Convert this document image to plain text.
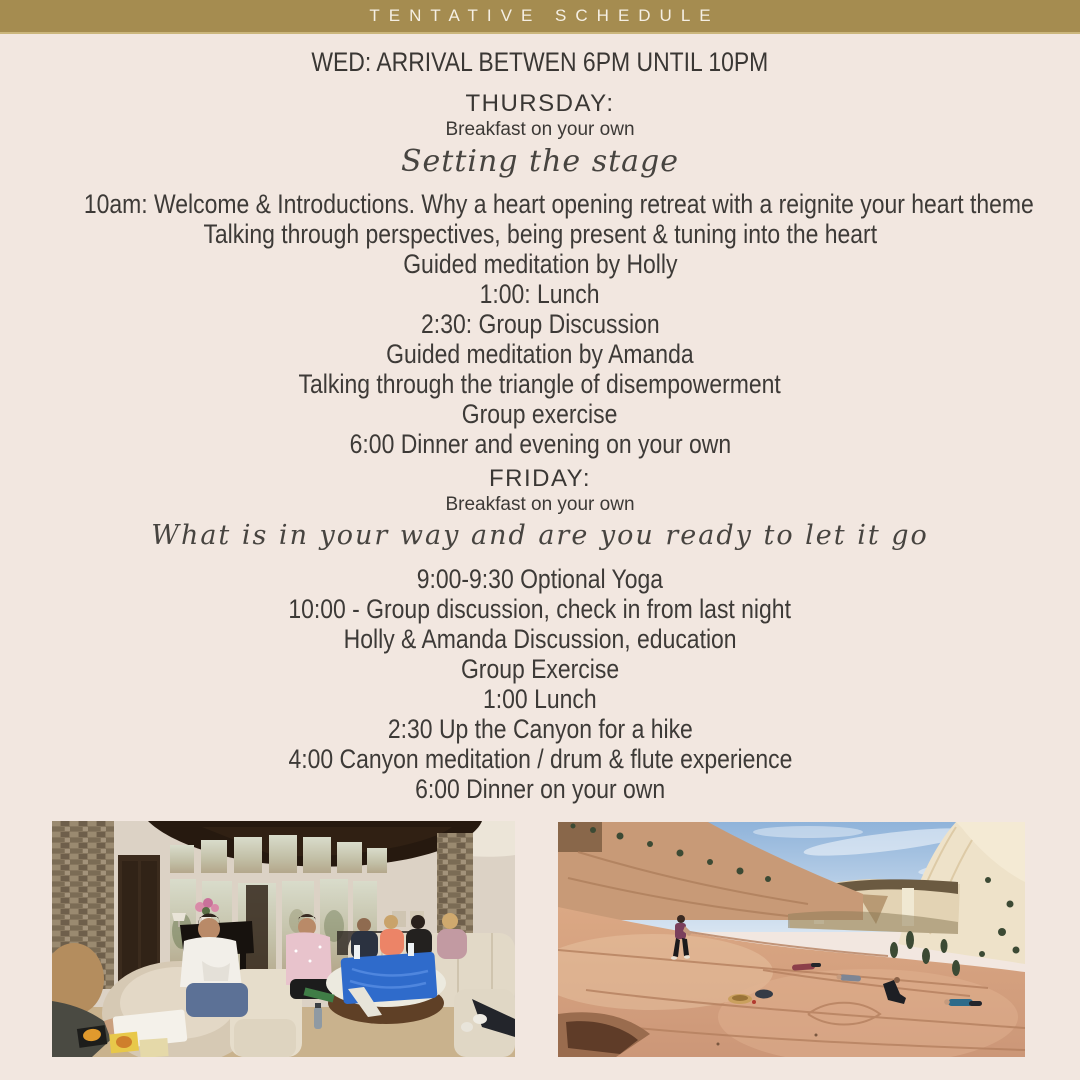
TENTATIVE SCHEDULE
WED: ARRIVAL BETWEN 6PM UNTIL 10PM
THURSDAY:
Breakfast on your own
Setting the stage
10am: Welcome & Introductions. Why a heart opening retreat with a reignite your heart theme
Talking through perspectives, being present & tuning into the heart
Guided meditation by Holly
1:00: Lunch
2:30: Group Discussion
Guided meditation by Amanda
Talking through the triangle of disempowerment
Group exercise
6:00 Dinner and evening on your own
FRIDAY:
Breakfast on your own
What is in your way and are you ready to let it go
9:00-9:30 Optional Yoga
10:00 - Group discussion, check in from last night
Holly & Amanda Discussion, education
Group Exercise
1:00 Lunch
2:30 Up the Canyon for a hike
4:00 Canyon meditation / drum & flute experience
6:00 Dinner on your own
